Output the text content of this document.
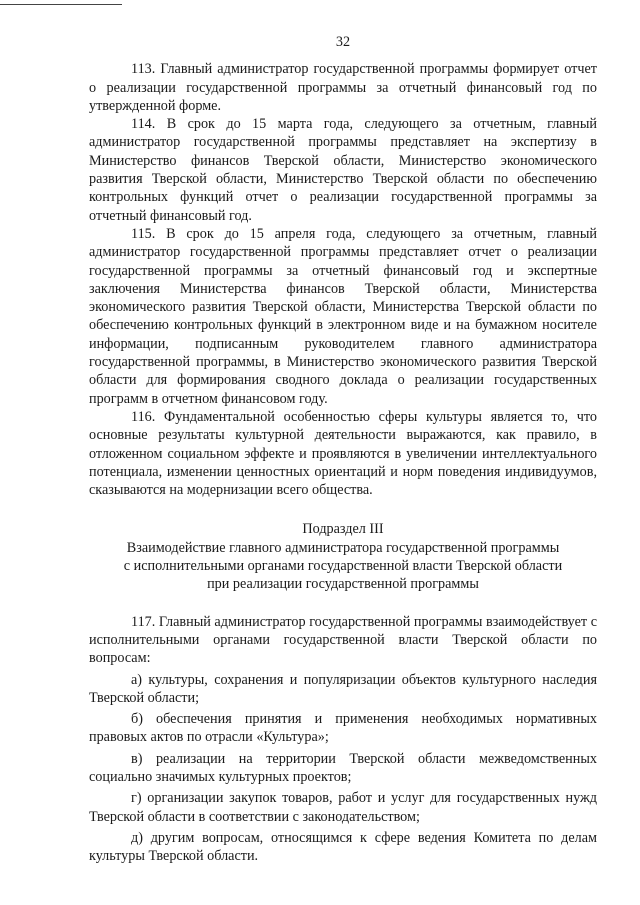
32

113. Главный администратор государственной программы формирует отчет о реализации государственной программы за отчетный финансовый год по утвержденной форме.

114. В срок до 15 марта года, следующего за отчетным, главный администратор государственной программы представляет на экспертизу в Министерство финансов Тверской области, Министерство экономического развития Тверской области, Министерство Тверской области по обеспечению контрольных функций отчет о реализации государственной программы за отчетный финансовый год.

115. В срок до 15 апреля года, следующего за отчетным, главный администратор государственной программы представляет отчет о реализации государственной программы за отчетный финансовый год и экспертные заключения Министерства финансов Тверской области, Министерства экономического развития Тверской области, Министерства Тверской области по обеспечению контрольных функций в электронном виде и на бумажном носителе информации, подписанным руководителем главного администратора государственной программы, в Министерство экономического развития Тверской области для формирования сводного доклада о реализации государственных программ в отчетном финансовом году.

116. Фундаментальной особенностью сферы культуры является то, что основные результаты культурной деятельности выражаются, как правило, в отложенном социальном эффекте и проявляются в увеличении интеллектуального потенциала, изменении ценностных ориентаций и норм поведения индивидуумов, сказываются на модернизации всего общества.

Подраздел III
Взаимодействие главного администратора государственной программы
с исполнительными органами государственной власти Тверской области
при реализации государственной программы

117. Главный администратор государственной программы взаимодействует с исполнительными органами государственной власти Тверской области по вопросам:

а) культуры, сохранения и популяризации объектов культурного наследия Тверской области;

б) обеспечения принятия и применения необходимых нормативных правовых актов по отрасли «Культура»;

в) реализации на территории Тверской области межведомственных социально значимых культурных проектов;

г) организации закупок товаров, работ и услуг для государственных нужд Тверской области в соответствии с законодательством;

д) другим вопросам, относящимся к сфере ведения Комитета по делам культуры Тверской области.
